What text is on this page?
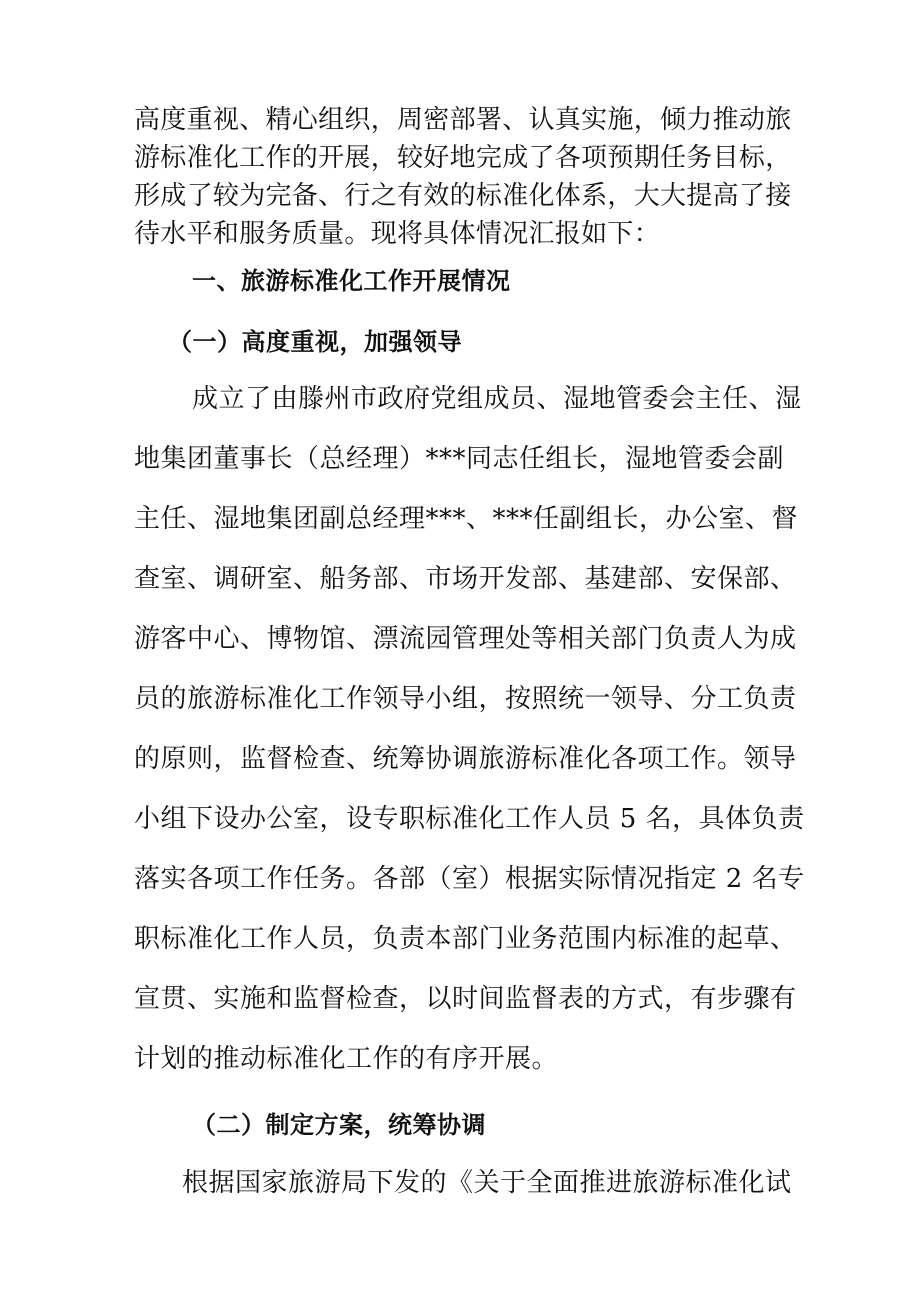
高度重视、精心组织，周密部署、认真实施，倾力推动旅
游标准化工作的开展，较好地完成了各项预期任务目标，
形成了较为完备、行之有效的标准化体系，大大提高了接
待水平和服务质量。现将具体情况汇报如下：
一、旅游标准化工作开展情况
（一）高度重视，加强领导
成立了由滕州市政府党组成员、湿地管委会主任、湿
地集团董事长（总经理）***同志任组长，湿地管委会副
主任、湿地集团副总经理***、***任副组长，办公室、督
查室、调研室、船务部、市场开发部、基建部、安保部、
游客中心、博物馆、漂流园管理处等相关部门负责人为成
员的旅游标准化工作领导小组，按照统一领导、分工负责
的原则，监督检查、统筹协调旅游标准化各项工作。领导
小组下设办公室，设专职标准化工作人员 5 名，具体负责
落实各项工作任务。各部（室）根据实际情况指定 2 名专
职标准化工作人员，负责本部门业务范围内标准的起草、
宣贯、实施和监督检查，以时间监督表的方式，有步骤有
计划的推动标准化工作的有序开展。
（二）制定方案，统筹协调
根据国家旅游局下发的《关于全面推进旅游标准化试
